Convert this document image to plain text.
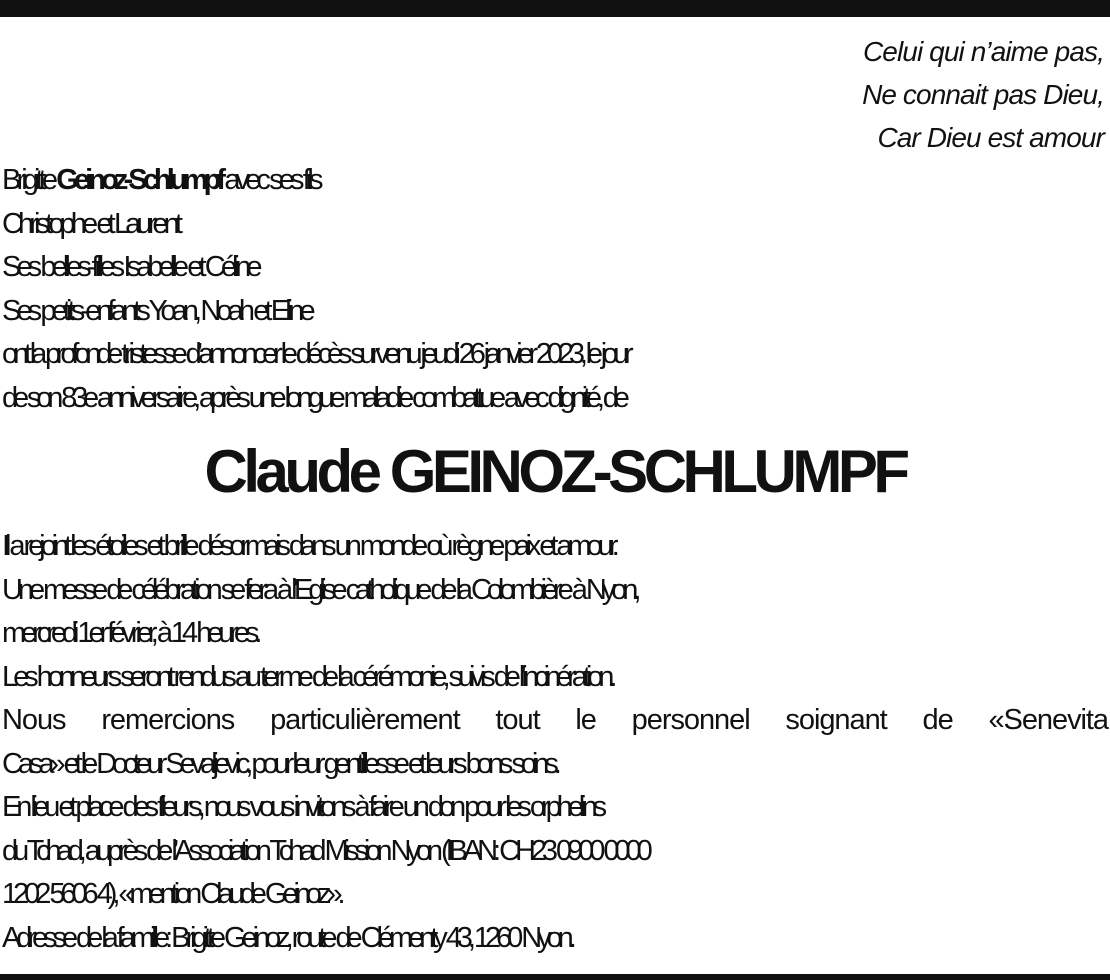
Celui qui n’aime pas,
Ne connait pas Dieu,
Car Dieu est amour
Brigitte Geinoz-Schlumpf avec ses fils
Christophe et Laurent
Ses belles-filles Isabelle et Céline
Ses petits-enfants Yoan, Noah et Eline
ont la profonde tristesse d’annoncer le décès survenu jeudi 26 janvier 2023, le jour
de son 83e anniversaire, après une longue maladie combattue avec dignité, de
Claude GEINOZ-SCHLUMPF
Il a rejoint les étoiles et brille désormais dans un monde où règne paix et amour.
Une messe de célébration se fera à l’Eglise catholique de la Colombière à Nyon,
mercredi 1er février, à 14 heures.
Les honneurs seront rendus au terme de la cérémonie, suivis de l’incinération.
Nous remercions particulièrement tout le personnel soignant de «Senevita
Casa» et le Docteur Sevaljevic, pour leur gentillesse et leurs bons soins.
En lieu et place des fleurs, nous vous invitons à faire un don pour les orphelins
du Tchad, auprès de l’Association Tchad Mission Nyon (IBAN: CH23 0900 0000
1202 5606 4), «mention Claude Geinoz».
Adresse de la famille: Brigitte Geinoz, route de Clémenty 43, 1260 Nyon.
